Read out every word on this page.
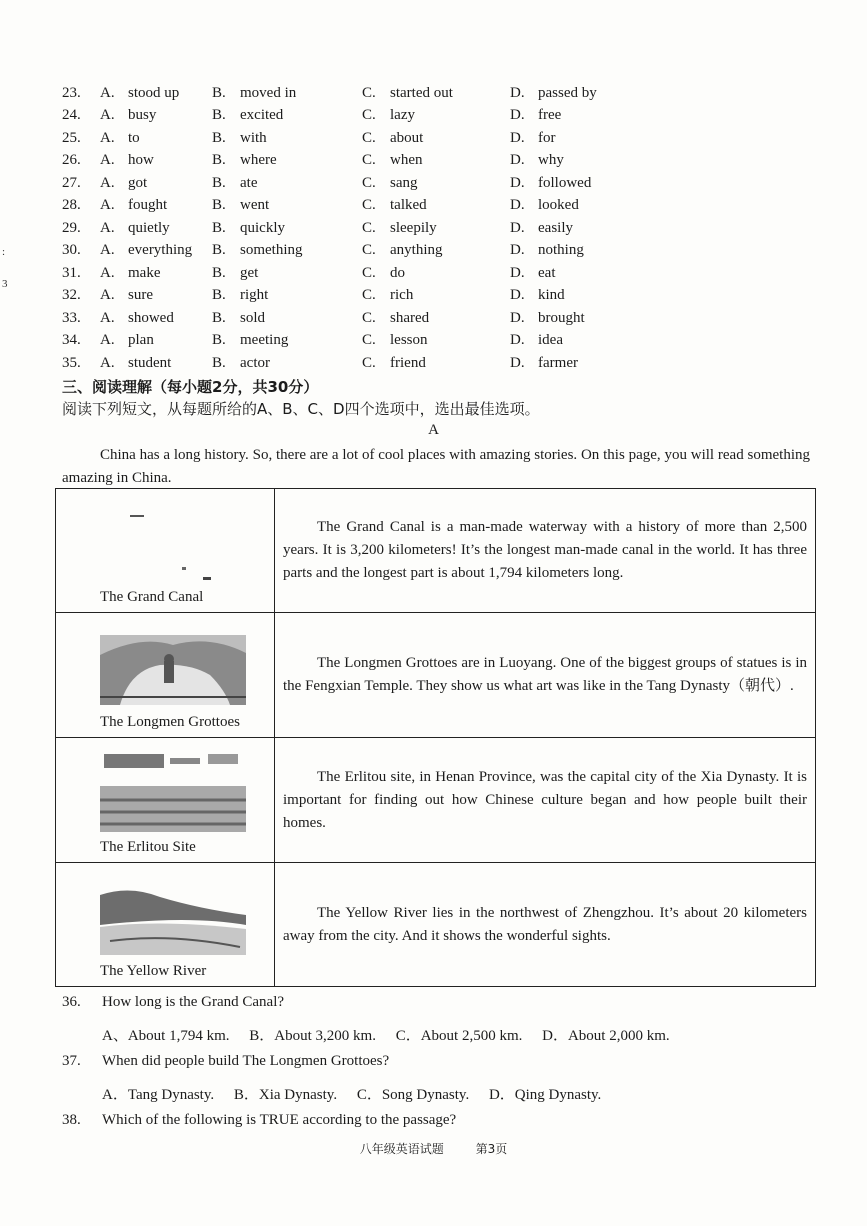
:
3
23.	A. stood up	B. moved in	C. started out	D. passed by
24.	A. busy	B. excited	C. lazy	D. free
25.	A. to	B. with	C. about	D. for
26.	A. how	B. where	C. when	D. why
27.	A. got	B. ate	C. sang	D. followed
28.	A. fought	B. went	C. talked	D. looked
29.	A. quietly	B. quickly	C. sleepily	D. easily
30.	A. everything	B. something	C. anything	D. nothing
31.	A. make	B. get	C. do	D. eat
32.	A. sure	B. right	C. rich	D. kind
33.	A. showed	B. sold	C. shared	D. brought
34.	A. plan	B. meeting	C. lesson	D. idea
35.	A. student	B. actor	C. friend	D. farmer
三、阅读理解（每小题2分，共30分）
阅读下列短文，从每题所给的A、B、C、D四个选项中，选出最佳选项。
A
China has a long history. So, there are a lot of cool places with amazing stories. On this page, you will read something amazing in China.
The Grand Canal	The Grand Canal is a man-made waterway with a history of more than 2,500 years. It is 3,200 kilometers! It’s the longest man-made canal in the world. It has three parts and the longest part is about 1,794 kilometers long.

The Longmen Grottoes	The Longmen Grottoes are in Luoyang. One of the biggest groups of statues is in the Fengxian Temple. They show us what art was like in the Tang Dynasty（朝代）.

The Erlitou Site	The Erlitou site, in Henan Province, was the capital city of the Xia Dynasty. It is important for finding out how Chinese culture began and how people built their homes.

The Yellow River	The Yellow River lies in the northwest of Zhengzhou. It’s about 20 kilometers away from the city. And it shows the wonderful sights.

36. How long is the Grand Canal?
A、About 1,794 km. B．About 3,200 km. C．About 2,500 km. D．About 2,000 km.
37. When did people build The Longmen Grottoes?
A．Tang Dynasty. B．Xia Dynasty. C．Song Dynasty. D．Qing Dynasty.
38. Which of the following is TRUE according to the passage?
八年级英语试题	第3页
